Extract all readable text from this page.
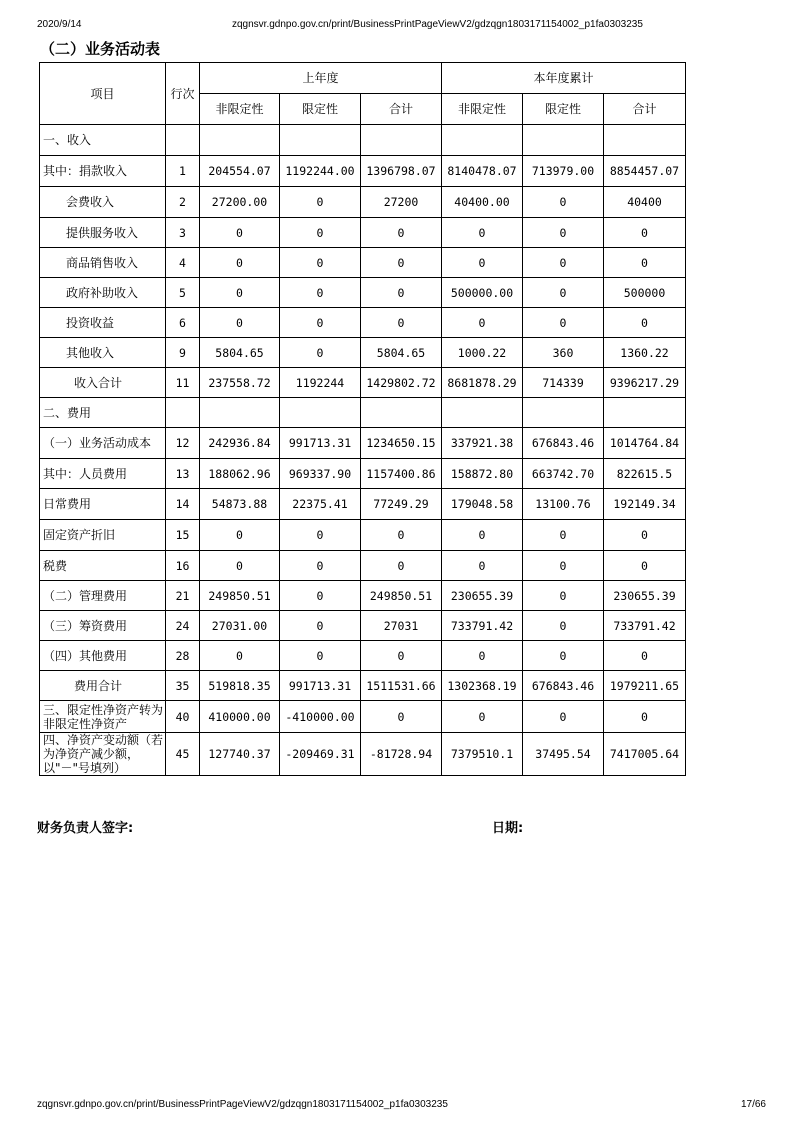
2020/9/14	zqgnsvr.gdnpo.gov.cn/print/BusinessPrintPageViewV2/gdzqgn1803171154002_p1fa0303235
（二）业务活动表
项目	行次	上年度			本年度累计		
		非限定性	限定性	合计	非限定性	限定性	合计
一、收入							
其中：捐款收入	1	204554.07	1192244.00	1396798.07	8140478.07	713979.00	8854457.07
会费收入	2	27200.00	0	27200	40400.00	0	40400
提供服务收入	3	0	0	0	0	0	0
商品销售收入	4	0	0	0	0	0	0
政府补助收入	5	0	0	0	500000.00	0	500000
投资收益	6	0	0	0	0	0	0
其他收入	9	5804.65	0	5804.65	1000.22	360	1360.22
收入合计	11	237558.72	1192244	1429802.72	8681878.29	714339	9396217.29
二、费用							
（一）业务活动成本	12	242936.84	991713.31	1234650.15	337921.38	676843.46	1014764.84
其中：人员费用	13	188062.96	969337.90	1157400.86	158872.80	663742.70	822615.5
日常费用	14	54873.88	22375.41	77249.29	179048.58	13100.76	192149.34
固定资产折旧	15	0	0	0	0	0	0
税费	16	0	0	0	0	0	0
（二）管理费用	21	249850.51	0	249850.51	230655.39	0	230655.39
（三）筹资费用	24	27031.00	0	27031	733791.42	0	733791.42
（四）其他费用	28	0	0	0	0	0	0
费用合计	35	519818.35	991713.31	1511531.66	1302368.19	676843.46	1979211.65
三、限定性净资产转为非限定性净资产	40	410000.00	-410000.00	0	0	0	0
四、净资产变动额（若为净资产减少额，以"－"号填列）	45	127740.37	-209469.31	-81728.94	7379510.1	37495.54	7417005.64
财务负责人签字:	日期:
zqgnsvr.gdnpo.gov.cn/print/BusinessPrintPageViewV2/gdzqgn1803171154002_p1fa0303235	17/66
